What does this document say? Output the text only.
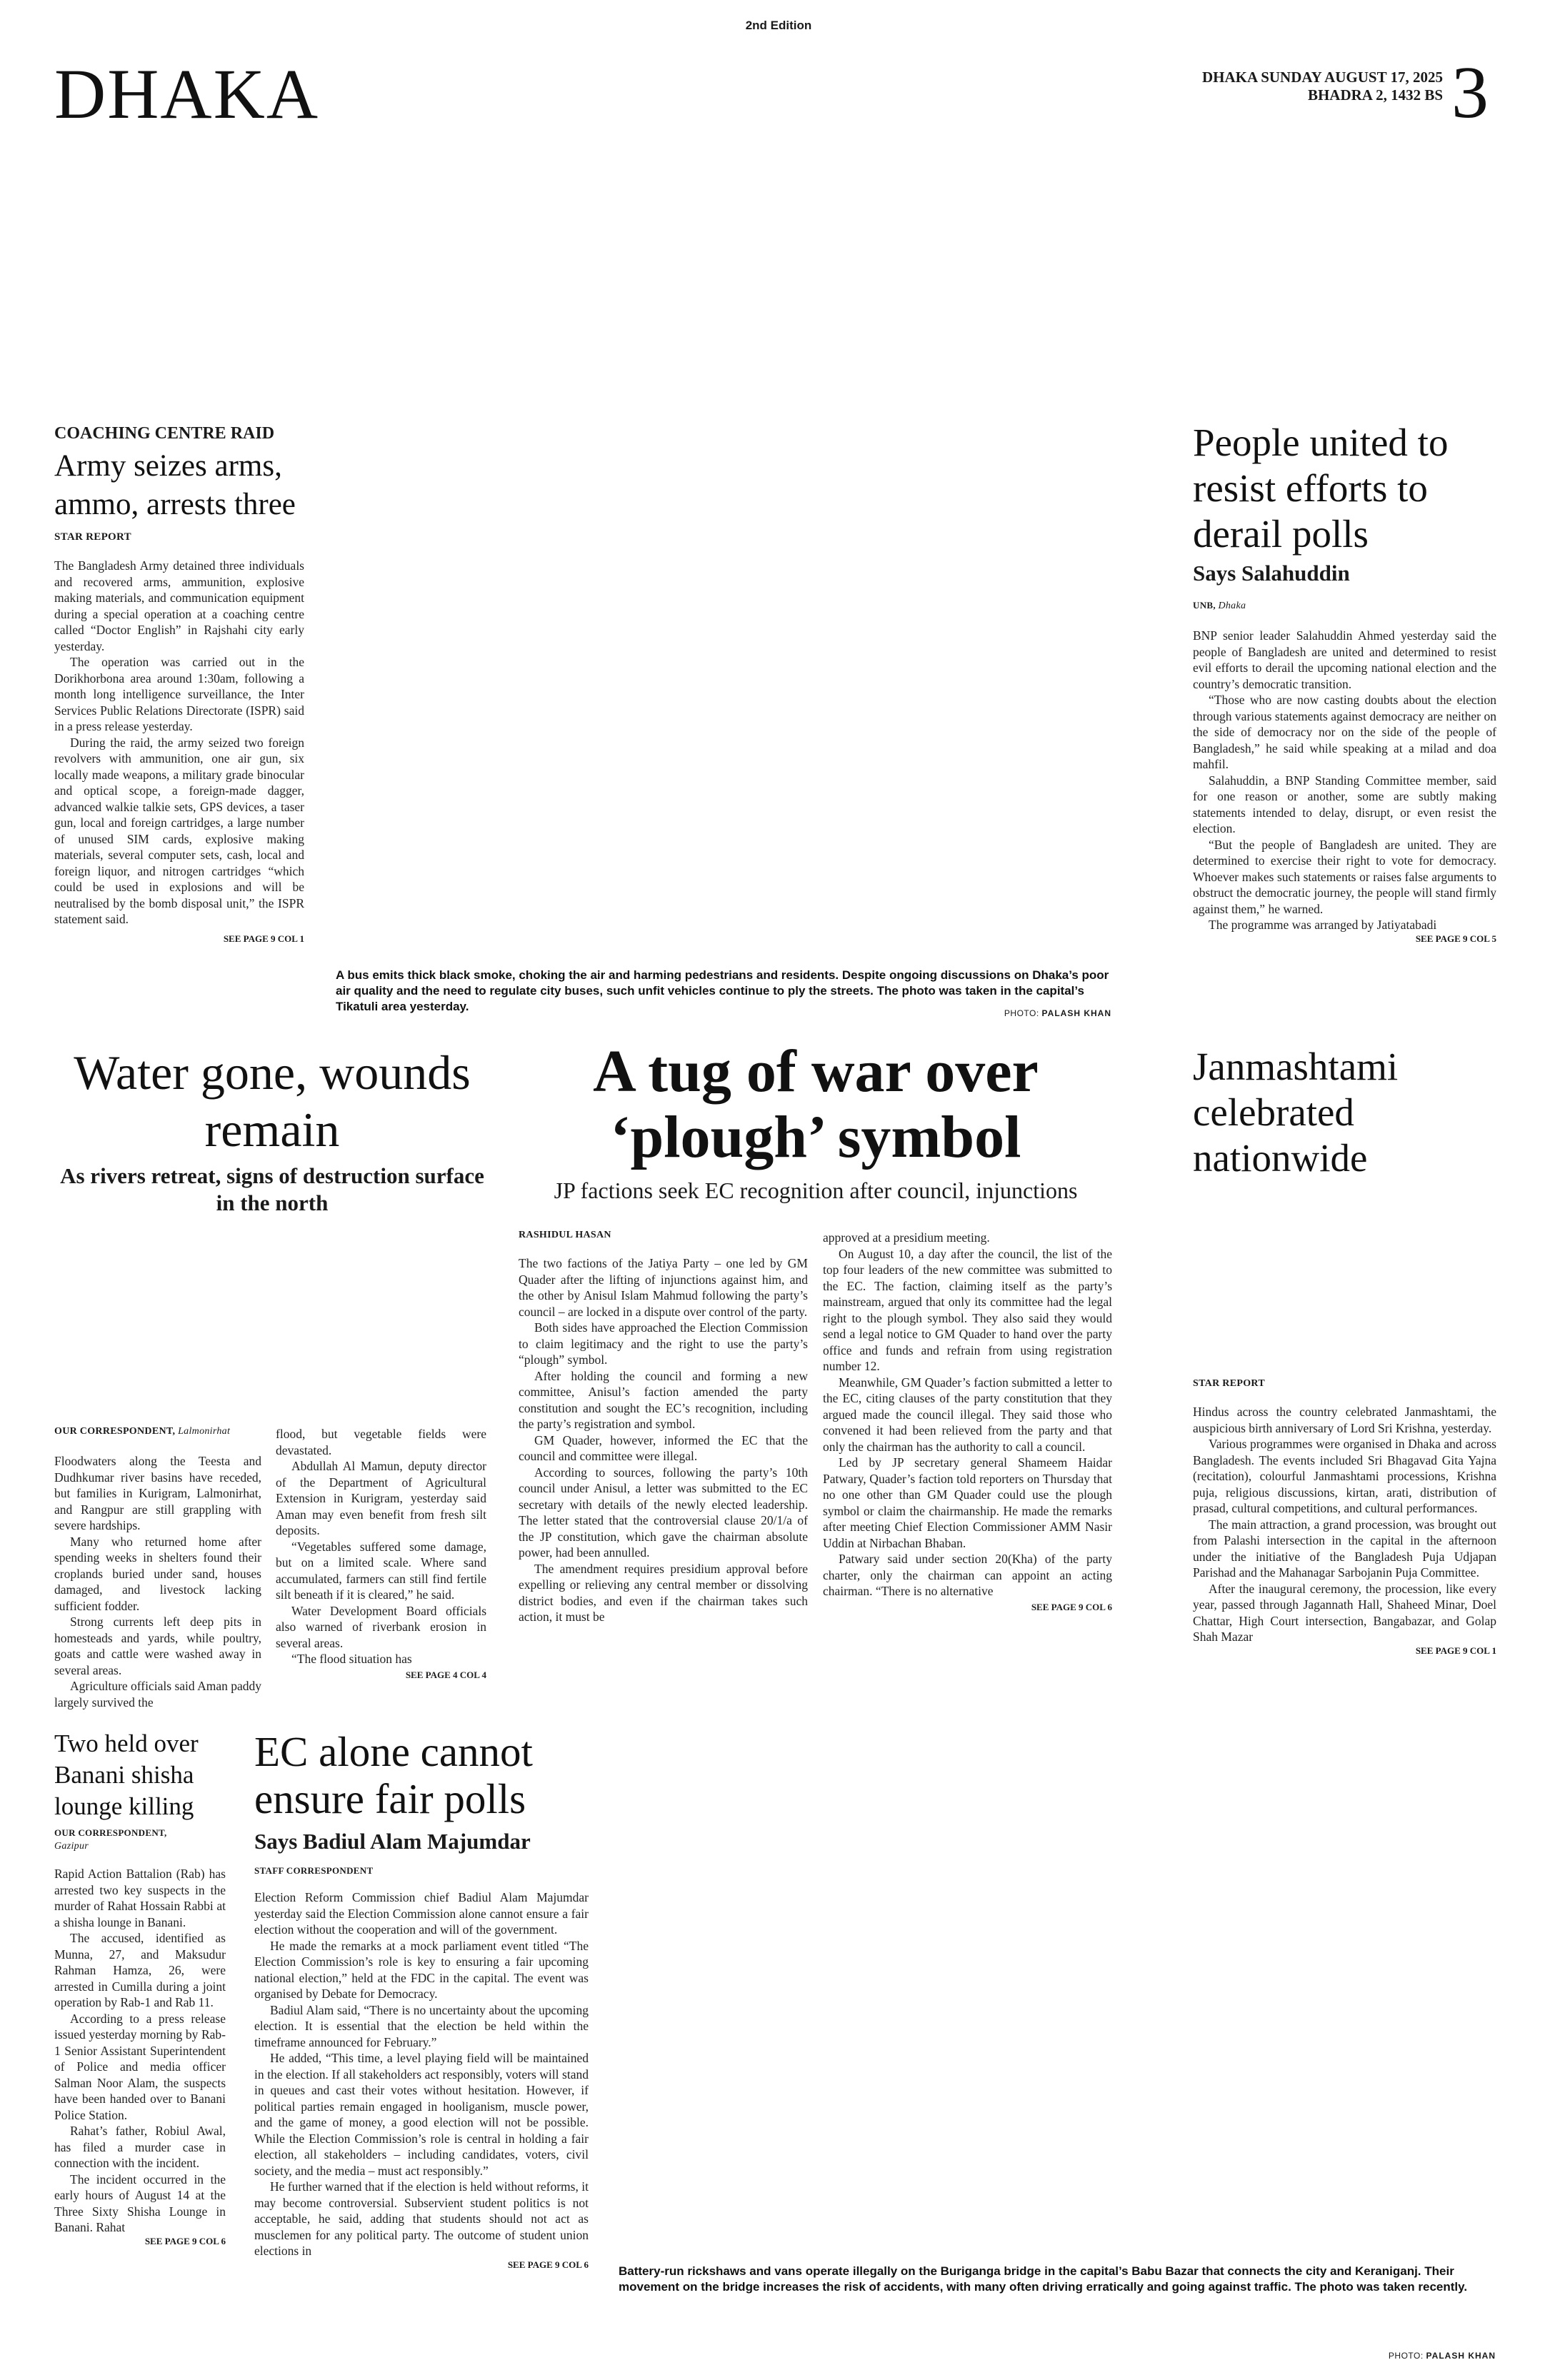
2nd Edition
DHAKA	DHAKA SUNDAY AUGUST 17, 2025
BHADRA 2, 1432 BS 3
COACHING CENTRE RAID
Army seizes arms, ammo, arrests three
STAR REPORT

The Bangladesh Army detained three individuals and recovered arms, ammunition, explosive making materials, and communication equipment during a special operation at a coaching centre called “Doctor English” in Rajshahi city early yesterday.

The operation was carried out in the Dorikhorbona area around 1:30am, following a month long intelligence surveillance, the Inter Services Public Relations Directorate (ISPR) said in a press release yesterday.

During the raid, the army seized two foreign revolvers with ammunition, one air gun, six locally made weapons, a military grade binocular and optical scope, a foreign-made dagger, advanced walkie talkie sets, GPS devices, a taser gun, local and foreign cartridges, a large number of unused SIM cards, explosive making materials, several computer sets, cash, local and foreign liquor, and nitrogen cartridges “which could be used in explosions and will be neutralised by the bomb disposal unit,” the ISPR statement said.

SEE PAGE 9 COL 1
A bus emits thick black smoke, choking the air and harming pedestrians and residents. Despite ongoing discussions on Dhaka’s poor air quality and the need to regulate city buses, such unfit vehicles continue to ply the streets. The photo was taken in the capital’s Tikatuli area yesterday.	PHOTO: PALASH KHAN
People united to resist efforts to derail polls
Says Salahuddin
UNB, Dhaka

BNP senior leader Salahuddin Ahmed yesterday said the people of Bangladesh are united and determined to resist evil efforts to derail the upcoming national election and the country’s democratic transition.

“Those who are now casting doubts about the election through various statements against democracy are neither on the side of democracy nor on the side of the people of Bangladesh,” he said while speaking at a milad and doa mahfil.

Salahuddin, a BNP Standing Committee member, said for one reason or another, some are subtly making statements intended to delay, disrupt, or even resist the election.

“But the people of Bangladesh are united. They are determined to exercise their right to vote for democracy. Whoever makes such statements or raises false arguments to obstruct the democratic journey, the people will stand firmly against them,” he warned.

The programme was arranged by Jatiyatabadi

SEE PAGE 9 COL 5
Water gone, wounds remain
As rivers retreat, signs of destruction surface in the north
OUR CORRESPONDENT, Lalmonirhat

Floodwaters along the Teesta and Dudhkumar river basins have receded, but families in Kurigram, Lalmonirhat, and Rangpur are still grappling with severe hardships.

Many who returned home after spending weeks in shelters found their croplands buried under sand, houses damaged, and livestock lacking sufficient fodder.

Strong currents left deep pits in homesteads and yards, while poultry, goats and cattle were washed away in several areas.

Agriculture officials said Aman paddy largely survived the

flood, but vegetable fields were devastated.

Abdullah Al Mamun, deputy director of the Department of Agricultural Extension in Kurigram, yesterday said Aman may even benefit from fresh silt deposits.

“Vegetables suffered some damage, but on a limited scale. Where sand accumulated, farmers can still find fertile silt beneath if it is cleared,” he said.

Water Development Board officials also warned of riverbank erosion in several areas.

“The flood situation has

SEE PAGE 4 COL 4
A tug of war over ‘plough’ symbol
JP factions seek EC recognition after council, injunctions
RASHIDUL HASAN

The two factions of the Jatiya Party – one led by GM Quader after the lifting of injunctions against him, and the other by Anisul Islam Mahmud following the party’s council – are locked in a dispute over control of the party.

Both sides have approached the Election Commission to claim legitimacy and the right to use the party’s “plough” symbol.

After holding the council and forming a new committee, Anisul’s faction amended the party constitution and sought the EC’s recognition, including the party’s registration and symbol.

GM Quader, however, informed the EC that the council and committee were illegal.

According to sources, following the party’s 10th council under Anisul, a letter was submitted to the EC secretary with details of the newly elected leadership. The letter stated that the controversial clause 20/1/a of the JP constitution, which gave the chairman absolute power, had been annulled.

The amendment requires presidium approval before expelling or relieving any central member or dissolving district bodies, and even if the chairman takes such action, it must be

approved at a presidium meeting.

On August 10, a day after the council, the list of the top four leaders of the new committee was submitted to the EC. The faction, claiming itself as the party’s mainstream, argued that only its committee had the legal right to the plough symbol. They also said they would send a legal notice to GM Quader to hand over the party office and funds and refrain from using registration number 12.

Meanwhile, GM Quader’s faction submitted a letter to the EC, citing clauses of the party constitution that they argued made the council illegal. They said those who convened it had been relieved from the party and that only the chairman has the authority to call a council.

Led by JP secretary general Shameem Haidar Patwary, Quader’s faction told reporters on Thursday that no one other than GM Quader could use the plough symbol or claim the chairmanship. He made the remarks after meeting Chief Election Commissioner AMM Nasir Uddin at Nirbachan Bhaban.

Patwary said under section 20(Kha) of the party charter, only the chairman can appoint an acting chairman. “There is no alternative

SEE PAGE 9 COL 6
Janmashtami celebrated nationwide
STAR REPORT

Hindus across the country celebrated Janmashtami, the auspicious birth anniversary of Lord Sri Krishna, yesterday.

Various programmes were organised in Dhaka and across Bangladesh. The events included Sri Bhagavad Gita Yajna (recitation), colourful Janmashtami processions, Krishna puja, religious discussions, kirtan, arati, distribution of prasad, cultural competitions, and cultural performances.

The main attraction, a grand procession, was brought out from Palashi intersection in the capital in the afternoon under the initiative of the Bangladesh Puja Udjapan Parishad and the Mahanagar Sarbojanin Puja Committee.

After the inaugural ceremony, the procession, like every year, passed through Jagannath Hall, Shaheed Minar, Doel Chattar, High Court intersection, Bangabazar, and Golap Shah Mazar

SEE PAGE 9 COL 1
Two held over Banani shisha lounge killing
OUR CORRESPONDENT,
Gazipur

Rapid Action Battalion (Rab) has arrested two key suspects in the murder of Rahat Hossain Rabbi at a shisha lounge in Banani.

The accused, identified as Munna, 27, and Maksudur Rahman Hamza, 26, were arrested in Cumilla during a joint operation by Rab-1 and Rab 11.

According to a press release issued yesterday morning by Rab-1 Senior Assistant Superintendent of Police and media officer Salman Noor Alam, the suspects have been handed over to Banani Police Station.

Rahat’s father, Robiul Awal, has filed a murder case in connection with the incident.

The incident occurred in the early hours of August 14 at the Three Sixty Shisha Lounge in Banani. Rahat

SEE PAGE 9 COL 6
EC alone cannot ensure fair polls
Says Badiul Alam Majumdar
STAFF CORRESPONDENT

Election Reform Commission chief Badiul Alam Majumdar yesterday said the Election Commission alone cannot ensure a fair election without the cooperation and will of the government.

He made the remarks at a mock parliament event titled “The Election Commission’s role is key to ensuring a fair upcoming national election,” held at the FDC in the capital. The event was organised by Debate for Democracy.

Badiul Alam said, “There is no uncertainty about the upcoming election. It is essential that the election be held within the timeframe announced for February.”

He added, “This time, a level playing field will be maintained in the election. If all stakeholders act responsibly, voters will stand in queues and cast their votes without hesitation. However, if political parties remain engaged in hooliganism, muscle power, and the game of money, a good election will not be possible. While the Election Commission’s role is central in holding a fair election, all stakeholders – including candidates, voters, civil society, and the media – must act responsibly.”

He further warned that if the election is held without reforms, it may become controversial. Subservient student politics is not acceptable, he said, adding that students should not act as musclemen for any political party. The outcome of student union elections in

SEE PAGE 9 COL 6 Battery-run rickshaws and vans operate illegally on the Buriganga bridge in the capital’s Babu Bazar that connects the city and Keraniganj. Their movement on the bridge increases the risk of accidents, with many often driving erratically and going against traffic. The photo was taken recently.
PHOTO: PALASH KHAN
